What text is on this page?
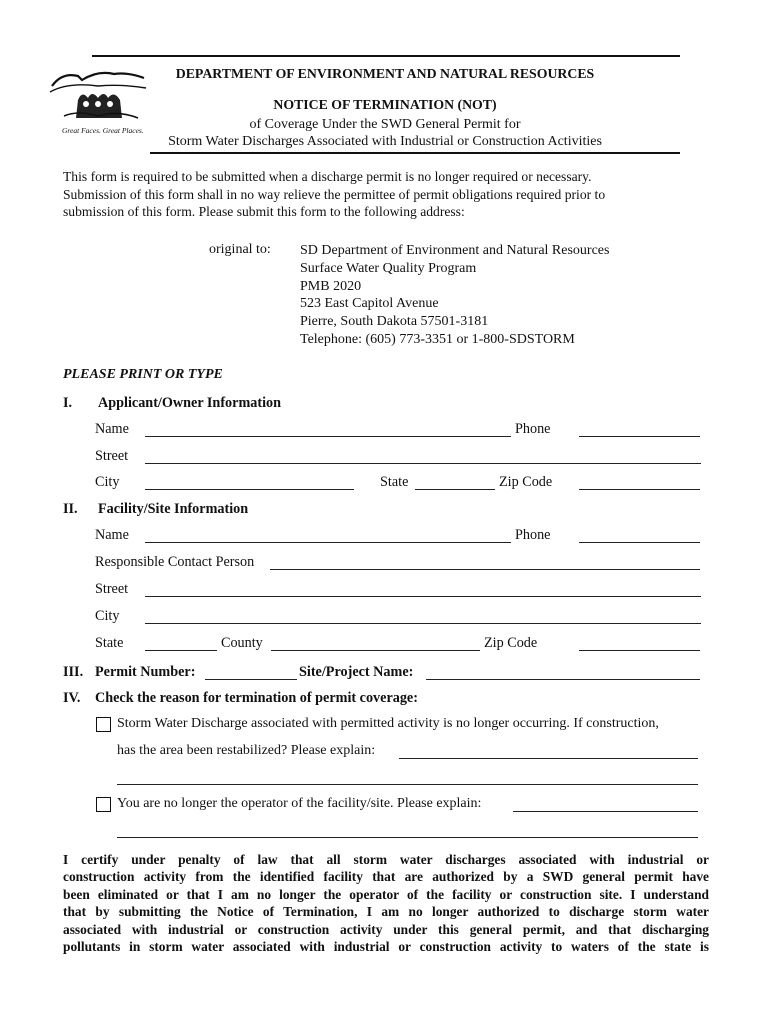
Great Faces. Great Places.
DEPARTMENT OF ENVIRONMENT AND NATURAL RESOURCES
NOTICE OF TERMINATION (NOT)
of Coverage Under the SWD General Permit for
Storm Water Discharges Associated with Industrial or Construction Activities
This form is required to be submitted when a discharge permit is no longer required or necessary.
Submission of this form shall in no way relieve the permittee of permit obligations required prior to
submission of this form. Please submit this form to the following address:
original to: SD Department of Environment and Natural Resources
Surface Water Quality Program
PMB 2020
523 East Capitol Avenue
Pierre, South Dakota 57501-3181
Telephone: (605) 773-3351 or 1-800-SDSTORM
PLEASE PRINT OR TYPE
I. Applicant/Owner Information
Name	Phone
Street
City	State	Zip Code
II. Facility/Site Information
Name	Phone
Responsible Contact Person
Street
City
State	County	Zip Code
III. Permit Number:	Site/Project Name:
IV. Check the reason for termination of permit coverage:
Storm Water Discharge associated with permitted activity is no longer occurring. If construction,
has the area been restabilized? Please explain:
You are no longer the operator of the facility/site. Please explain:
I certify under penalty of law that all storm water discharges associated with industrial or
construction activity from the identified facility that are authorized by a SWD general permit have
been eliminated or that I am no longer the operator of the facility or construction site. I understand
that by submitting the Notice of Termination, I am no longer authorized to discharge storm water
associated with industrial or construction activity under this general permit, and that discharging
pollutants in storm water associated with industrial or construction activity to waters of the state is
